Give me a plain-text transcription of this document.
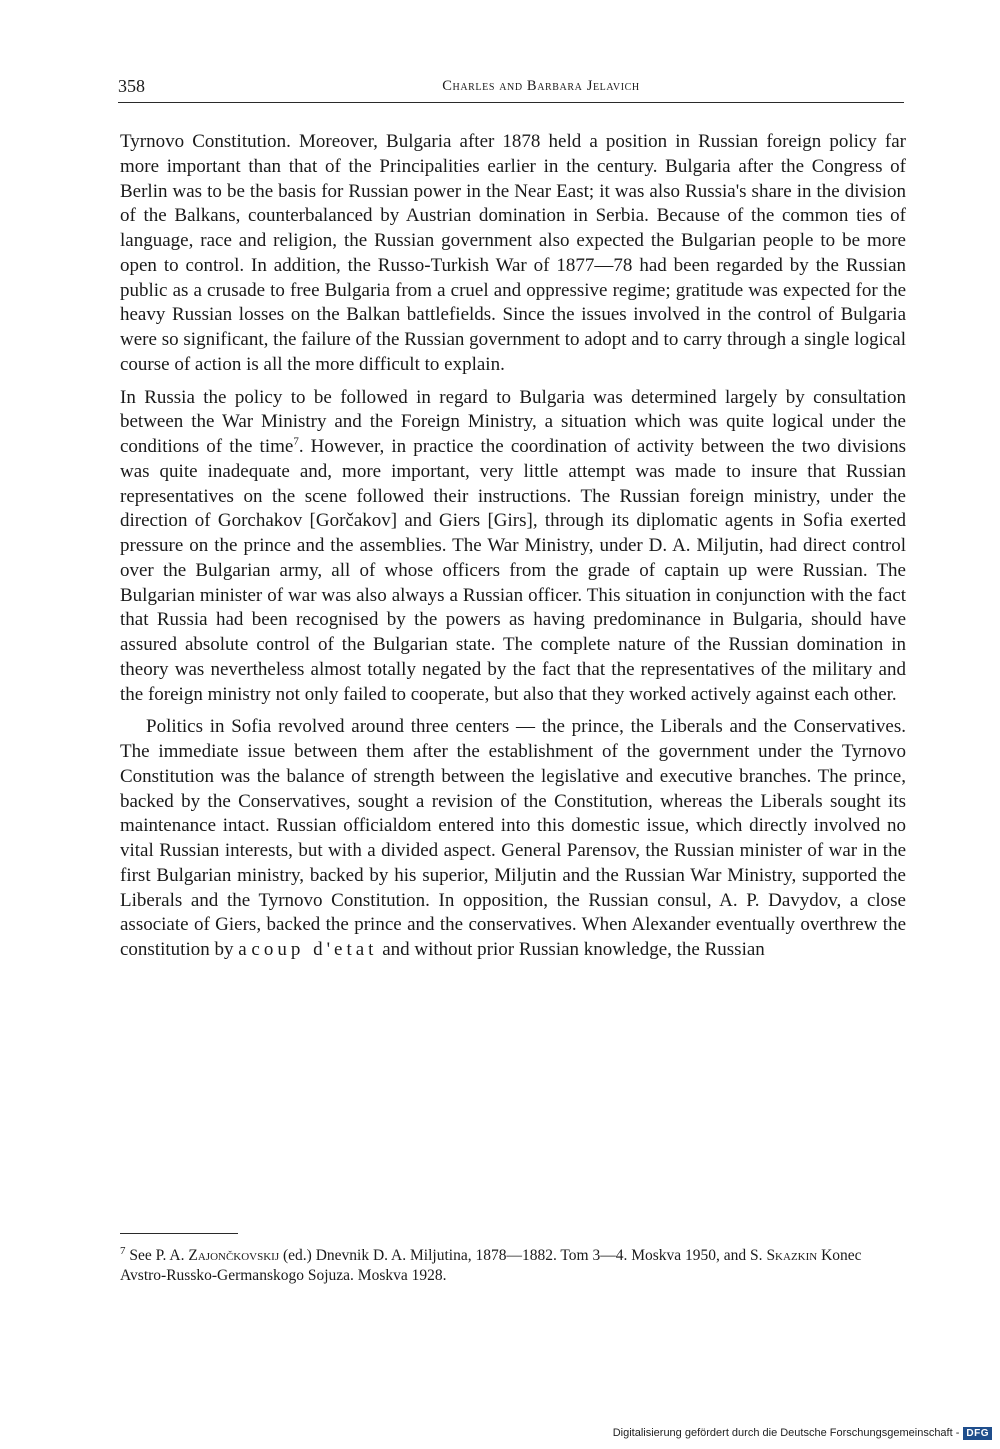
358	Charles and Barbara Jelavich

Tyrnovo Constitution. Moreover, Bulgaria after 1878 held a position in Russian foreign policy far more important than that of the Principalities earlier in the century. Bulgaria after the Congress of Berlin was to be the basis for Russian power in the Near East; it was also Russia's share in the division of the Balkans, counterbalanced by Austrian domination in Serbia. Because of the common ties of language, race and religion, the Russian government also expected the Bulgarian people to be more open to control. In addition, the Russo-Turkish War of 1877—78 had been regarded by the Russian public as a crusade to free Bulgaria from a cruel and oppressive regime; gratitude was expected for the heavy Russian losses on the Balkan battlefields. Since the issues involved in the control of Bulgaria were so significant, the failure of the Russian government to adopt and to carry through a single logical course of action is all the more difficult to explain.

In Russia the policy to be followed in regard to Bulgaria was determined largely by consultation between the War Ministry and the Foreign Ministry, a situation which was quite logical under the conditions of the time$^7$. However, in practice the coordination of activity between the two divisions was quite inadequate and, more important, very little attempt was made to insure that Russian representatives on the scene followed their instructions. The Russian foreign ministry, under the direction of Gorchakov [Gorčakov] and Giers [Girs], through its diplomatic agents in Sofia exerted pressure on the prince and the assemblies. The War Ministry, under D. A. Miljutin, had direct control over the Bulgarian army, all of whose officers from the grade of captain up were Russian. The Bulgarian minister of war was also always a Russian officer. This situation in conjunction with the fact that Russia had been recognised by the powers as having predominance in Bulgaria, should have assured absolute control of the Bulgarian state. The complete nature of the Russian domination in theory was nevertheless almost totally negated by the fact that the representatives of the military and the foreign ministry not only failed to cooperate, but also that they worked actively against each other.

Politics in Sofia revolved around three centers — the prince, the Liberals and the Conservatives. The immediate issue between them after the establishment of the government under the Tyrnovo Constitution was the balance of strength between the legislative and executive branches. The prince, backed by the Conservatives, sought a revision of the Constitution, whereas the Liberals sought its maintenance intact. Russian officialdom entered into this domestic issue, which directly involved no vital Russian interests, but with a divided aspect. General Parensov, the Russian minister of war in the first Bulgarian ministry, backed by his superior, Miljutin and the Russian War Ministry, supported the Liberals and the Tyrnovo Constitution. In opposition, the Russian consul, A. P. Davydov, a close associate of Giers, backed the prince and the conservatives. When Alexander eventually overthrew the constitution by a coup d'etat and without prior Russian knowledge, the Russian

$^7$ See P. A. Zajončkovskij (ed.) Dnevnik D. A. Miljutina, 1878—1882. Tom 3—4. Moskva 1950, and S. Skazkin Konec Avstro-Russko-Germanskogo Sojuza. Moskva 1928.
Digitalisierung gefördert durch die Deutsche Forschungsgemeinschaft - DFG
